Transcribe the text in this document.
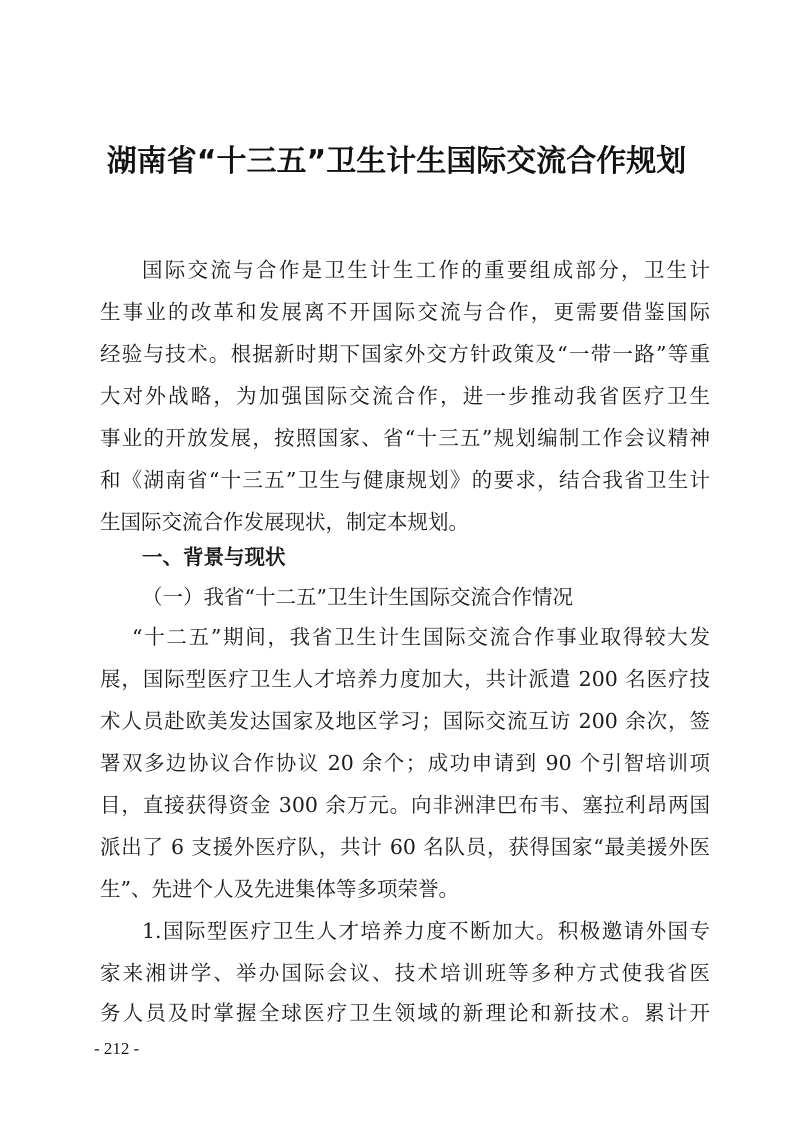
湖南省“十三五”卫生计生国际交流合作规划
国际交流与合作是卫生计生工作的重要组成部分，卫生计
生事业的改革和发展离不开国际交流与合作，更需要借鉴国际
经验与技术。根据新时期下国家外交方针政策及“一带一路”等重
大对外战略，为加强国际交流合作，进一步推动我省医疗卫生
事业的开放发展，按照国家、省“十三五”规划编制工作会议精神
和《湖南省“十三五”卫生与健康规划》的要求，结合我省卫生计
生国际交流合作发展现状，制定本规划。
一、背景与现状
（一）我省“十二五”卫生计生国际交流合作情况
“十二五”期间，我省卫生计生国际交流合作事业取得较大发
展，国际型医疗卫生人才培养力度加大，共计派遣 200 名医疗技
术人员赴欧美发达国家及地区学习；国际交流互访 200 余次，签
署双多边协议合作协议 20 余个；成功申请到 90 个引智培训项
目，直接获得资金 300 余万元。向非洲津巴布韦、塞拉利昂两国
派出了 6 支援外医疗队，共计 60 名队员，获得国家“最美援外医
生”、先进个人及先进集体等多项荣誉。
1.国际型医疗卫生人才培养力度不断加大。积极邀请外国专
家来湘讲学、举办国际会议、技术培训班等多种方式使我省医
务人员及时掌握全球医疗卫生领域的新理论和新技术。累计开
- 212 -
